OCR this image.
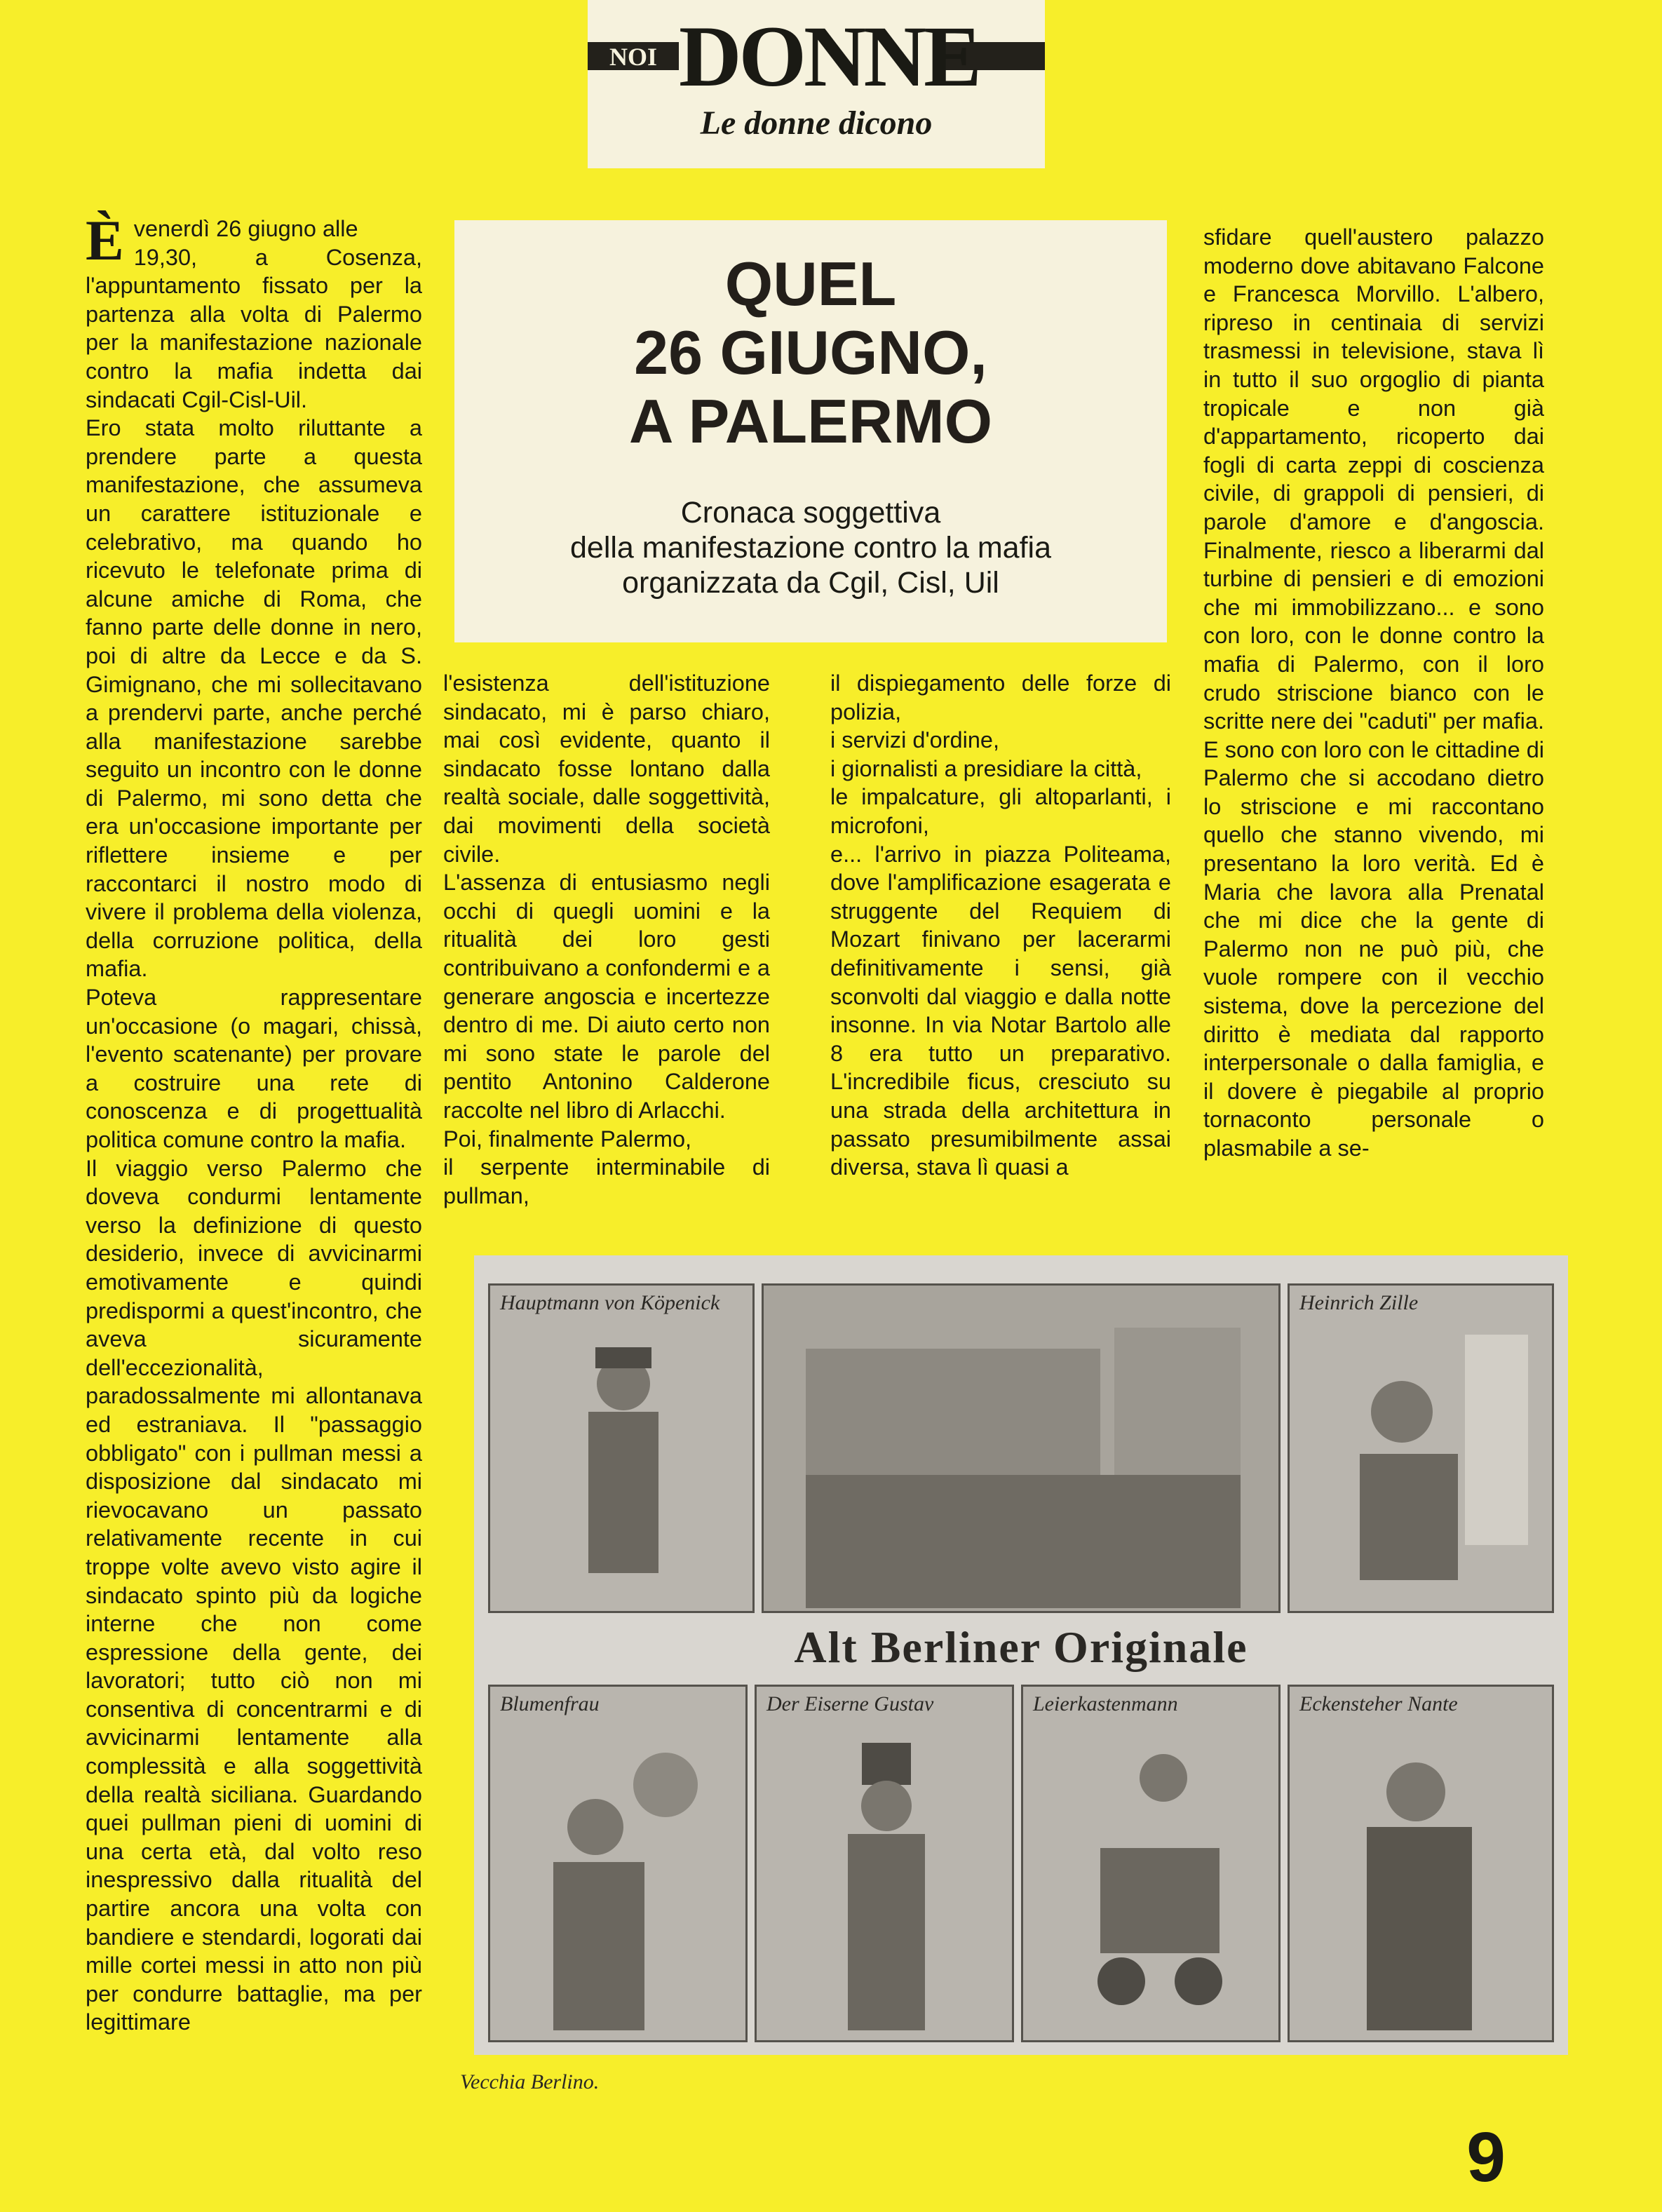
NOI DONNE
Le donne dicono
Èvenerdì 26 giugno alle
19,30, a Cosenza, l'appuntamento fissato per la partenza alla volta di Palermo per la manifestazione nazionale contro la mafia indetta dai sindacati Cgil-Cisl-Uil.
Ero stata molto riluttante a prendere parte a questa manifestazione, che assumeva un carattere istituzionale e celebrativo, ma quando ho ricevuto le telefonate prima di alcune amiche di Roma, che fanno parte delle donne in nero, poi di altre da Lecce e da S. Gimignano, che mi sollecitavano a prendervi parte, anche perché alla manifestazione sarebbe seguito un incontro con le donne di Palermo, mi sono detta che era un'occasione importante per riflettere insieme e per raccontarci il nostro modo di vivere il problema della violenza, della corruzione politica, della mafia.
Poteva rappresentare un'occasione (o magari, chissà, l'evento scatenante) per provare a costruire una rete di conoscenza e di progettualità politica comune contro la mafia.
Il viaggio verso Palermo che doveva condurmi lentamente verso la definizione di questo desiderio, invece di avvicinarmi emotivamente e quindi predispormi a quest'incontro, che aveva sicuramente dell'eccezionalità, paradossalmente mi allontanava ed estraniava. Il "passaggio obbligato" con i pullman messi a disposizione dal sindacato mi rievocavano un passato relativamente recente in cui troppe volte avevo visto agire il sindacato spinto più da logiche interne che non come espressione della gente, dei lavoratori; tutto ciò non mi consentiva di concentrarmi e di avvicinarmi lentamente alla complessità e alla soggettività della realtà siciliana. Guardando quei pullman pieni di uomini di una certa età, dal volto reso inespressivo dalla ritualità del partire ancora una volta con bandiere e stendardi, logorati dai mille cortei messi in atto non più per condurre battaglie, ma per legittimare
QUEL
26 GIUGNO,
A PALERMO
Cronaca soggettiva
della manifestazione contro la mafia
organizzata da Cgil, Cisl, Uil
l'esistenza dell'istituzione sindacato, mi è parso chiaro, mai così evidente, quanto il sindacato fosse lontano dalla realtà sociale, dalle soggettività, dai movimenti della società civile.
L'assenza di entusiasmo negli occhi di quegli uomini e la ritualità dei loro gesti contribuivano a confondermi e a generare angoscia e incertezze dentro di me. Di aiuto certo non mi sono state le parole del pentito Antonino Calderone raccolte nel libro di Arlacchi.
Poi, finalmente Palermo,
il serpente interminabile di pullman,
il dispiegamento delle forze di polizia,
i servizi d'ordine,
i giornalisti a presidiare la città,
le impalcature, gli altoparlanti, i microfoni,
e... l'arrivo in piazza Politeama, dove l'amplificazione esagerata e struggente del Requiem di Mozart finivano per lacerarmi definitivamente i sensi, già sconvolti dal viaggio e dalla notte insonne. In via Notar Bartolo alle 8 era tutto un preparativo. L'incredibile ficus, cresciuto su una strada della architettura in passato presumibilmente assai diversa, stava lì quasi a
sfidare quell'austero palazzo moderno dove abitavano Falcone e Francesca Morvillo. L'albero, ripreso in centinaia di servizi trasmessi in televisione, stava lì in tutto il suo orgoglio di pianta tropicale e non già d'appartamento, ricoperto dai fogli di carta zeppi di coscienza civile, di grappoli di pensieri, di parole d'amore e d'angoscia. Finalmente, riesco a liberarmi dal turbine di pensieri e di emozioni che mi immobilizzano... e sono con loro, con le donne contro la mafia di Palermo, con il loro crudo striscione bianco con le scritte nere dei "caduti" per mafia. E sono con loro con le cittadine di Palermo che si accodano dietro lo striscione e mi raccontano quello che stanno vivendo, mi presentano la loro verità. Ed è Maria che lavora alla Prenatal che mi dice che la gente di Palermo non ne può più, che vuole rompere con il vecchio sistema, dove la percezione del diritto è mediata dal rapporto interpersonale o dalla famiglia, e il dovere è piegabile al proprio tornaconto personale o plasmabile a se-
Hauptmann von Köpenick	Heinrich Zille
Alt Berliner Originale
Blumenfrau	Der Eiserne Gustav	Leierkastenmann	Eckensteher Nante
Vecchia Berlino.
9
